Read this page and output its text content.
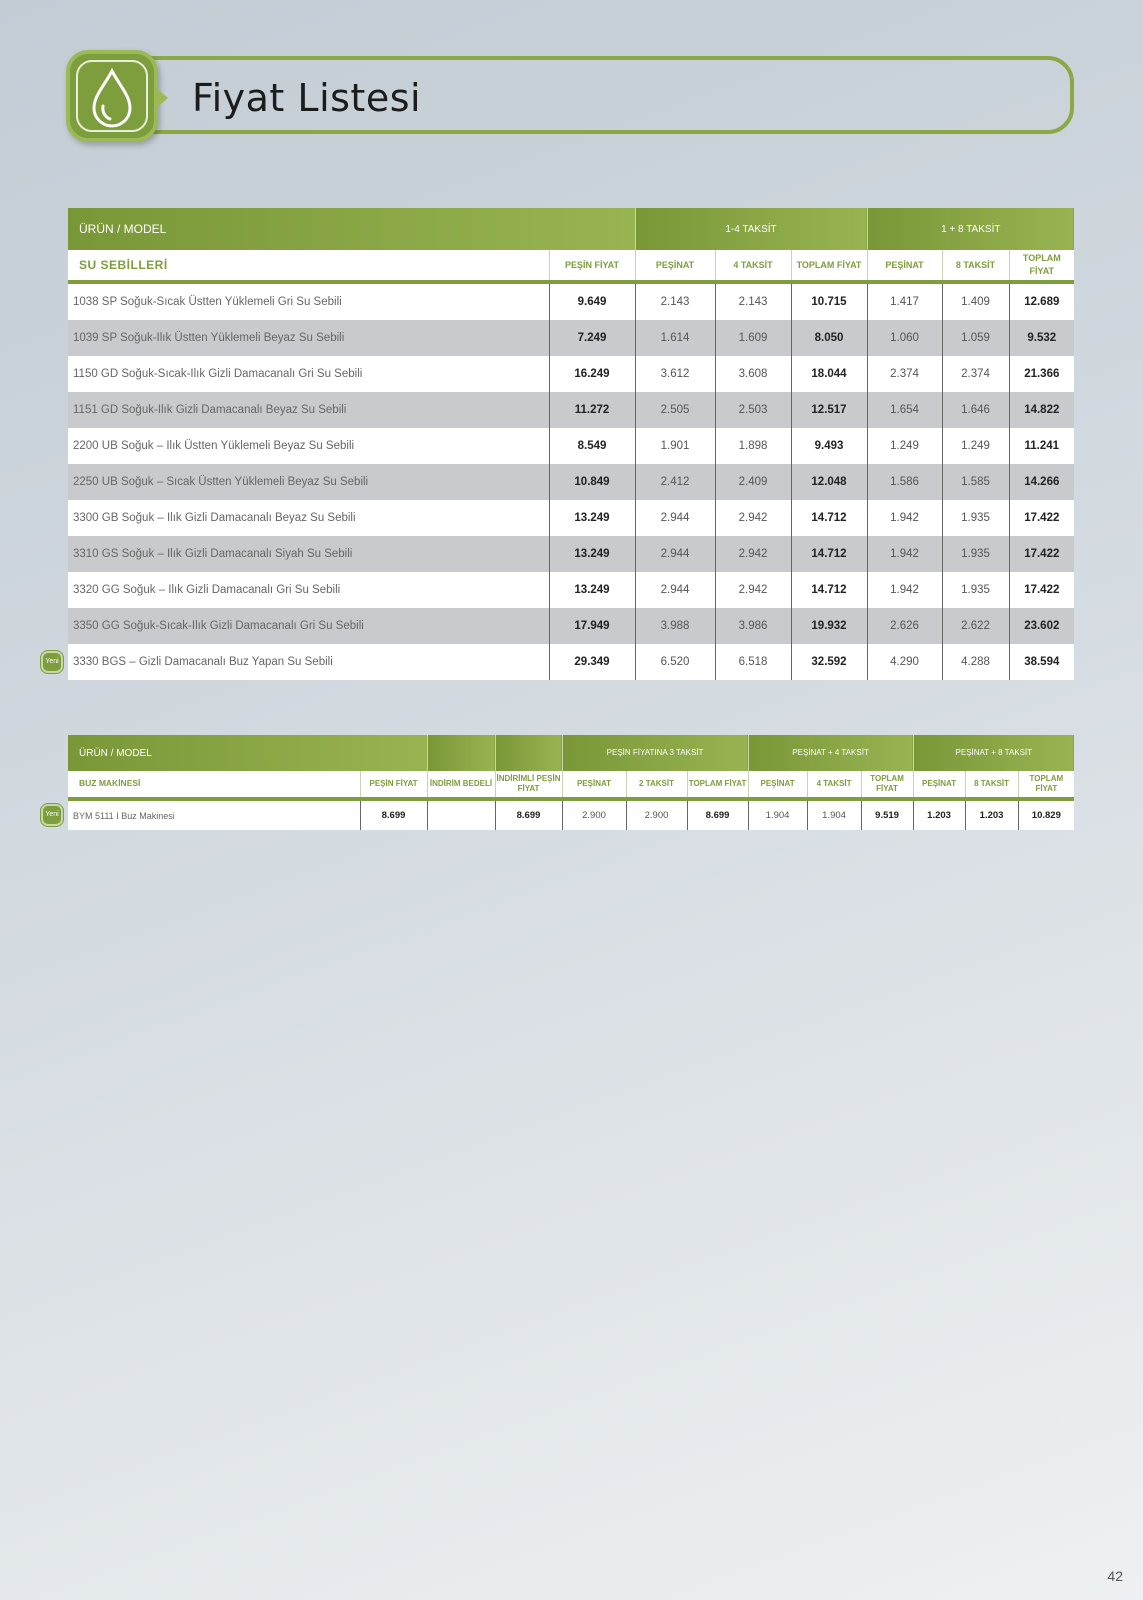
Fiyat Listesi
ÜRÜN / MODEL		1-4 TAKSİT			1 + 8 TAKSİT		
SU SEBİLLERİ	PEŞİN FİYAT	PEŞİNAT	4 TAKSİT	TOPLAM FİYAT	PEŞİNAT	8 TAKSİT	TOPLAM FİYAT
1038 SP Soğuk-Sıcak Üstten Yüklemeli Gri Su Sebili	9.649	2.143	2.143	10.715	1.417	1.409	12.689
1039 SP Soğuk-Ilık Üstten Yüklemeli Beyaz Su Sebili	7.249	1.614	1.609	8.050	1.060	1.059	9.532
1150 GD Soğuk-Sıcak-Ilık Gizli Damacanalı Gri Su Sebili	16.249	3.612	3.608	18.044	2.374	2.374	21.366
1151 GD Soğuk-Ilık Gizli Damacanalı Beyaz Su Sebili	11.272	2.505	2.503	12.517	1.654	1.646	14.822
2200 UB Soğuk – Ilık Üstten Yüklemeli Beyaz Su Sebili	8.549	1.901	1.898	9.493	1.249	1.249	11.241
2250 UB Soğuk – Sıcak Üstten Yüklemeli Beyaz Su Sebili	10.849	2.412	2.409	12.048	1.586	1.585	14.266
3300 GB Soğuk – Ilık Gizli Damacanalı Beyaz Su Sebili	13.249	2.944	2.942	14.712	1.942	1.935	17.422
3310 GS Soğuk – Ilık Gizli Damacanalı Siyah Su Sebili	13.249	2.944	2.942	14.712	1.942	1.935	17.422
3320 GG Soğuk – Ilık Gizli Damacanalı Gri Su Sebili	13.249	2.944	2.942	14.712	1.942	1.935	17.422
3350 GG Soğuk-Sıcak-Ilık Gizli Damacanalı Gri Su Sebili	17.949	3.988	3.986	19.932	2.626	2.622	23.602
3330 BGS – Gizli Damacanalı Buz Yapan Su Sebili	29.349	6.520	6.518	32.592	4.290	4.288	38.594
ÜRÜN / MODEL				PEŞİN FİYATINA 3 TAKSİT			PEŞİNAT + 4 TAKSİT			PEŞİNAT + 8 TAKSİT		
BUZ MAKİNESİ	PEŞİN FİYAT	İNDİRİM BEDELİ	İNDİRİMLİ PEŞİN FİYAT	PEŞİNAT	2 TAKSİT	TOPLAM FİYAT	PEŞİNAT	4 TAKSİT	TOPLAM FİYAT	PEŞİNAT	8 TAKSİT	TOPLAM FİYAT
BYM 5111 I Buz Makinesi	8.699		8.699	2.900	2.900	8.699	1.904	1.904	9.519	1.203	1.203	10.829
42
Yeni
Yeni
